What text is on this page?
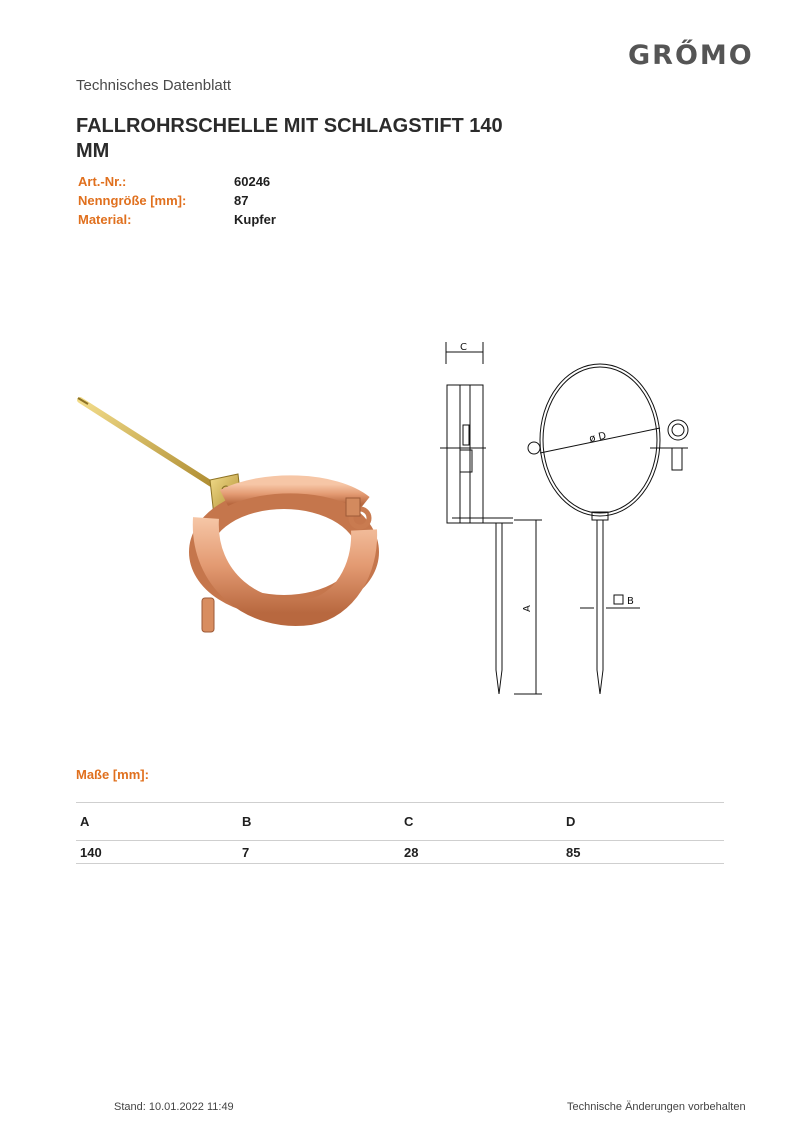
GRŐMO
Technisches Datenblatt
FALLROHRSCHELLE MIT SCHLAGSTIFT 140 MM
Art.-Nr.:	60246
Nenngröße [mm]:	87
Material:	Kupfer
C
A
B
ø D
Maße [mm]:
A	B	C	D
140	7	28	85
Stand: 10.01.2022 11:49	Technische Änderungen vorbehalten
